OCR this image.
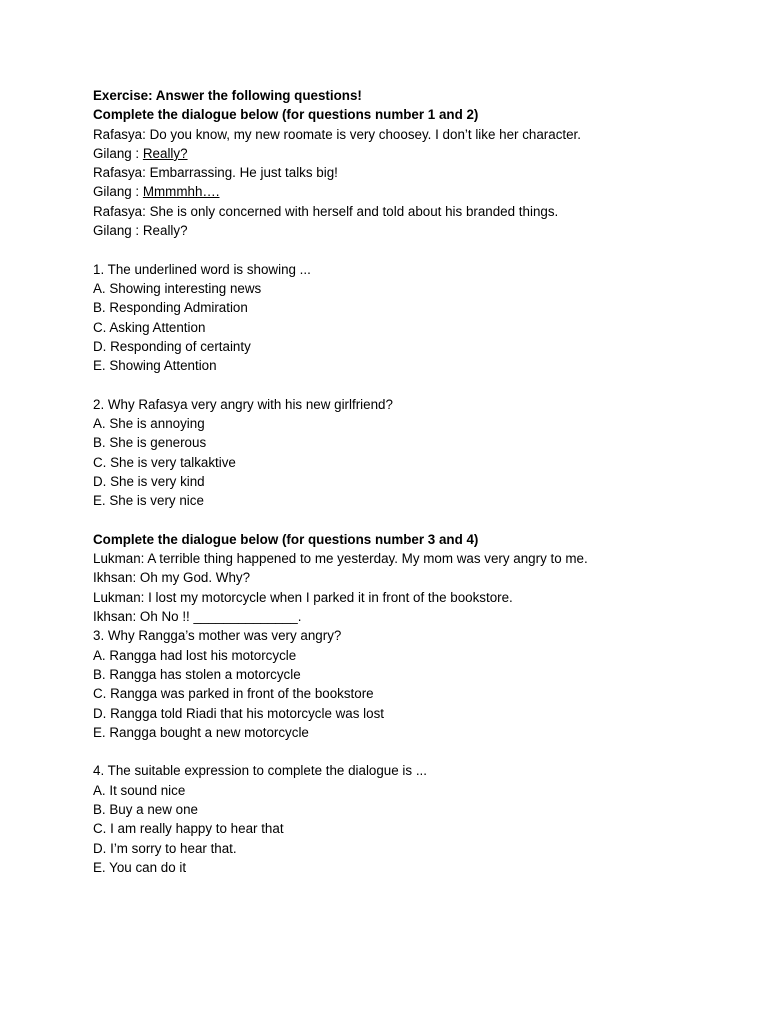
Exercise: Answer the following questions!
Complete the dialogue below (for questions number 1 and 2)
Rafasya: Do you know, my new roomate is very choosey. I don’t like her character.
Gilang : Really?
Rafasya: Embarrassing. He just talks big!
Gilang : Mmmmhh….
Rafasya: She is only concerned with herself and told about his branded things.
Gilang : Really?
1. The underlined word is showing ...
A. Showing interesting news
B. Responding Admiration
C. Asking Attention
D. Responding of certainty
E. Showing Attention
2. Why Rafasya very angry with his new girlfriend?
A. She is annoying
B. She is generous
C. She is very talkaktive
D. She is very kind
E. She is very nice
Complete the dialogue below (for questions number 3 and 4)
Lukman: A terrible thing happened to me yesterday. My mom was very angry to me.
Ikhsan: Oh my God. Why?
Lukman: I lost my motorcycle when I parked it in front of the bookstore.
Ikhsan: Oh No !! ______________.
3. Why Rangga’s mother was very angry?
A. Rangga had lost his motorcycle
B. Rangga has stolen a motorcycle
C. Rangga was parked in front of the bookstore
D. Rangga told Riadi that his motorcycle was lost
E. Rangga bought a new motorcycle
4. The suitable expression to complete the dialogue is ...
A. It sound nice
B. Buy a new one
C. I am really happy to hear that
D. I’m sorry to hear that.
E. You can do it
